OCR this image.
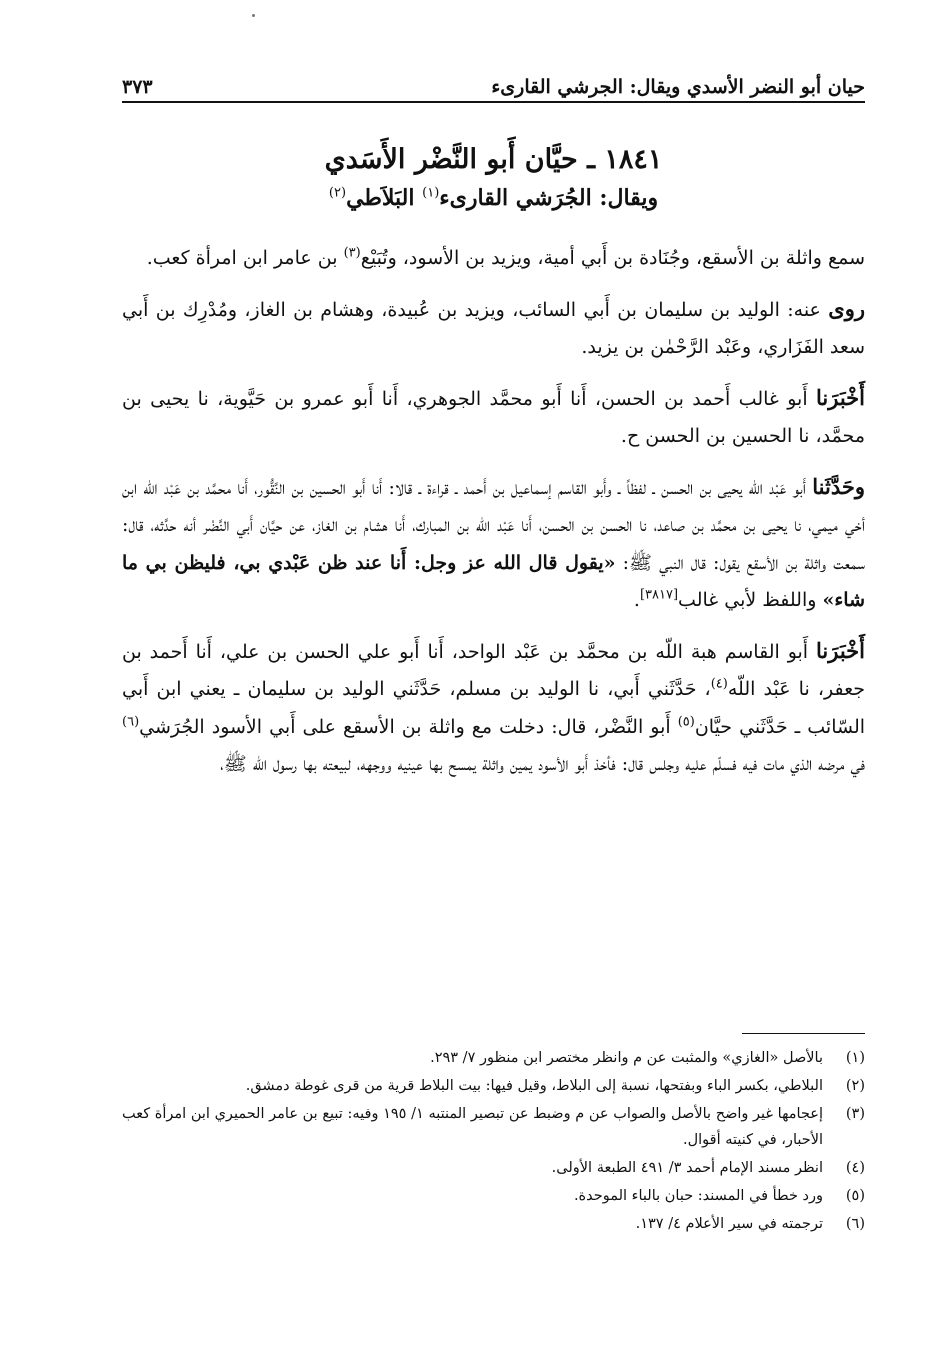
حيان أبو النضر الأسدي ويقال: الجرشي القارىء
٣٧٣
١٨٤١ ـ حيَّان أَبو النَّضْر الأَسَدي
ويقال: الجُرَشي القارىء$^{(١)}$ البَلاَطي$^{(٢)}$

سمع واثلة بن الأسقع، وجُنَادة بن أَبي أمية، ويزيد بن الأسود، وتُبَيْع$^{(٣)}$ بن عامر ابن امرأة كعب.

روى عنه: الوليد بن سليمان بن أَبي السائب، ويزيد بن عُبيدة، وهشام بن الغاز، ومُدْرِك بن أَبي سعد الفَزَاري، وعَبْد الرَّحْمٰن بن يزيد.

أَخْبَرَنا أَبو غالب أَحمد بن الحسن، أَنا أَبو محمَّد الجوهري، أَنا أَبو عمرو بن حَيَّوية، نا يحيى بن محمَّد، نا الحسين بن الحسن ح.

وحَدَّثَنا أَبو عَبْد اللّه يحيى بن الحسن ـ لفظاً ـ وأَبو القاسم إسماعيل بن أَحمد ـ قراءة ـ قالا: أَنا أَبو الحسين بن النَّقُّور، أَنا محمَّد بن عَبْد اللّه ابن أخي ميمي، نا يحيى بن محمَّد بن صاعد، نا الحسن بن الحسن، أَنا عَبْد اللّه بن المبارك، أَنا هشام بن الغاز، عن حيَّان أَبي النَّضْر أنه حدَّثه، قال: سمعت واثلة بن الأسقع يقول: قال النبي ﷺ: «يقول قال الله عز وجل: أَنا عند ظن عَبْدي بي، فليظن بي ما شاء» واللفظ لأبي غالب[٣٨١٧].

أَخْبَرَنا أَبو القاسم هبة اللّه بن محمَّد بن عَبْد الواحد، أَنا أَبو علي الحسن بن علي، أَنا أَحمد بن جعفر، نا عَبْد اللّه$^{(٤)}$، حَدَّثَني أَبي، نا الوليد بن مسلم، حَدَّثَني الوليد بن سليمان ـ يعني ابن أَبي السّائب ـ حَدَّثَني حيَّان$^{(٥)}$ أَبو النَّضْر، قال: دخلت مع واثلة بن الأسقع على أَبي الأسود الجُرَشي$^{(٦)}$ في مرضه الذي مات فيه فسلّم عليه وجلس قال: فأخذ أَبو الأسود يمين واثلة يمسح بها عينيه ووجهه، لبيعته بها رسول الله ﷺ،

(١)
بالأصل «الغازي» والمثبت عن م وانظر مختصر ابن منظور ٧/ ٢٩٣.
(٢)
البلاطي، بكسر الباء وبفتحها، نسبة إلى البلاط، وقيل فيها: بيت البلاط قرية من قرى غوطة دمشق.
(٣)
إعجامها غير واضح بالأصل والصواب عن م وضبط عن تبصير المنتبه ١/ ١٩٥ وفيه: تبيع بن عامر الحميري ابن امرأة كعب الأحبار، في كنيته أقوال.
(٤)
انظر مسند الإمام أحمد ٣/ ٤٩١ الطبعة الأولى.
(٥)
ورد خطأ في المسند: حبان بالباء الموحدة.
(٦)
ترجمته في سير الأعلام ٤/ ١٣٧.
